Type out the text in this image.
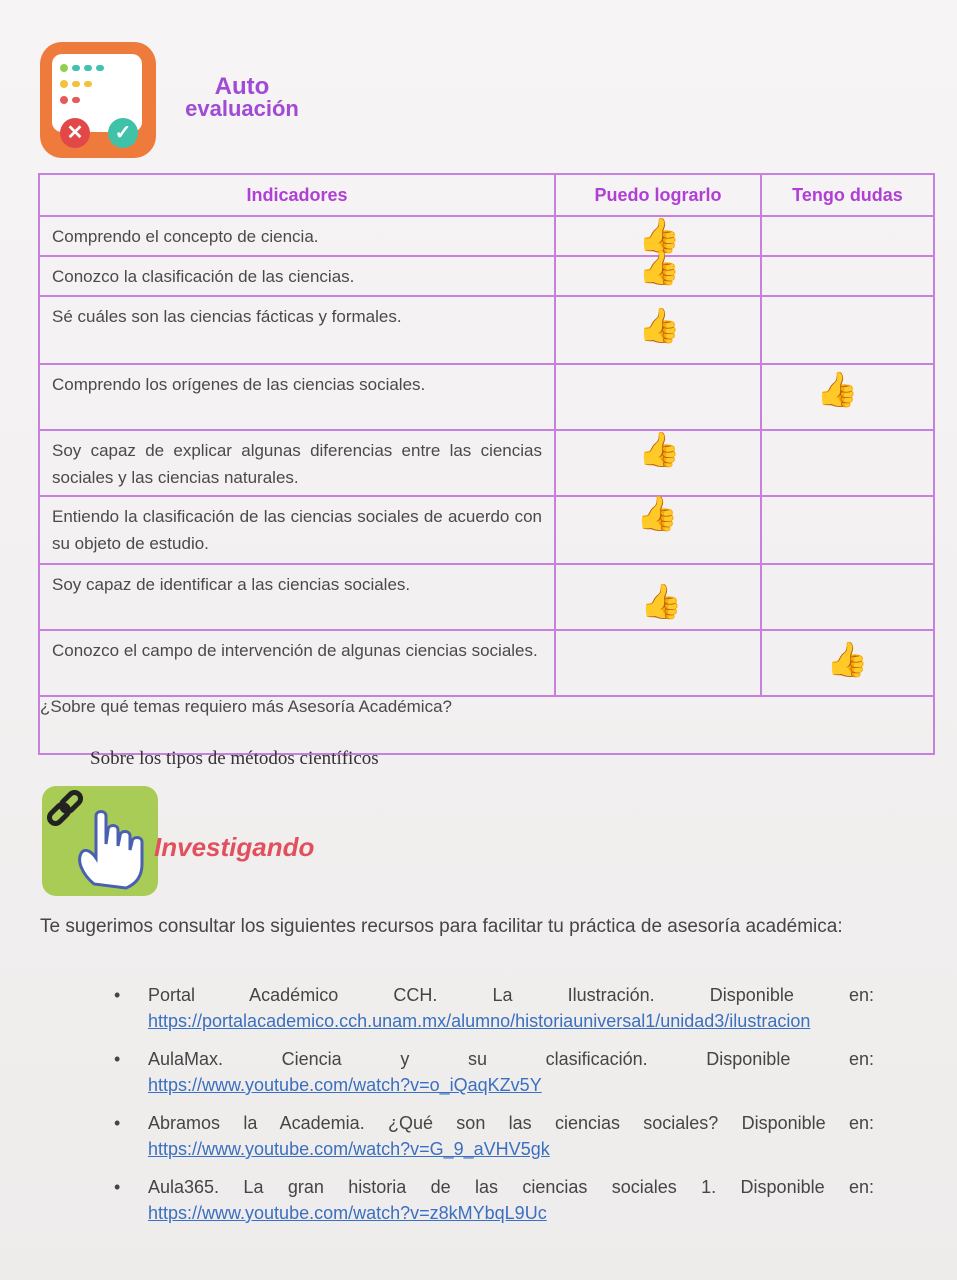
✕	✓
Auto
evaluación
Indicadores	Puedo lograrlo	Tengo dudas
Comprendo el concepto de ciencia.	👍	

Conozco la clasificación de las ciencias.	👍	

Sé cuáles son las ciencias fácticas y formales.	👍	

Comprendo los orígenes de las ciencias sociales.		👍

Soy capaz de explicar algunas diferencias entre las ciencias sociales y las ciencias naturales.	👍	

Entiendo la clasificación de las ciencias sociales de acuerdo con su objeto de estudio.	👍	

Soy capaz de identificar a las ciencias sociales.	👍	

Conozco el campo de intervención de algunas ciencias sociales.		👍

¿Sobre qué temas requiero más Asesoría Académica?		
Sobre los tipos de métodos científicos
Investigando
Te sugerimos consultar los siguientes recursos para facilitar tu práctica de asesoría académica:
• Portal Académico CCH. La Ilustración. Disponible en:
https://portalacademico.cch.unam.mx/alumno/historiauniversal1/unidad3/ilustracion
• AulaMax. Ciencia y su clasificación. Disponible en:
https://www.youtube.com/watch?v=o_iQaqKZv5Y
• Abramos la Academia. ¿Qué son las ciencias sociales? Disponible en:
https://www.youtube.com/watch?v=G_9_aVHV5gk
• Aula365. La gran historia de las ciencias sociales 1. Disponible en:
https://www.youtube.com/watch?v=z8kMYbqL9Uc
